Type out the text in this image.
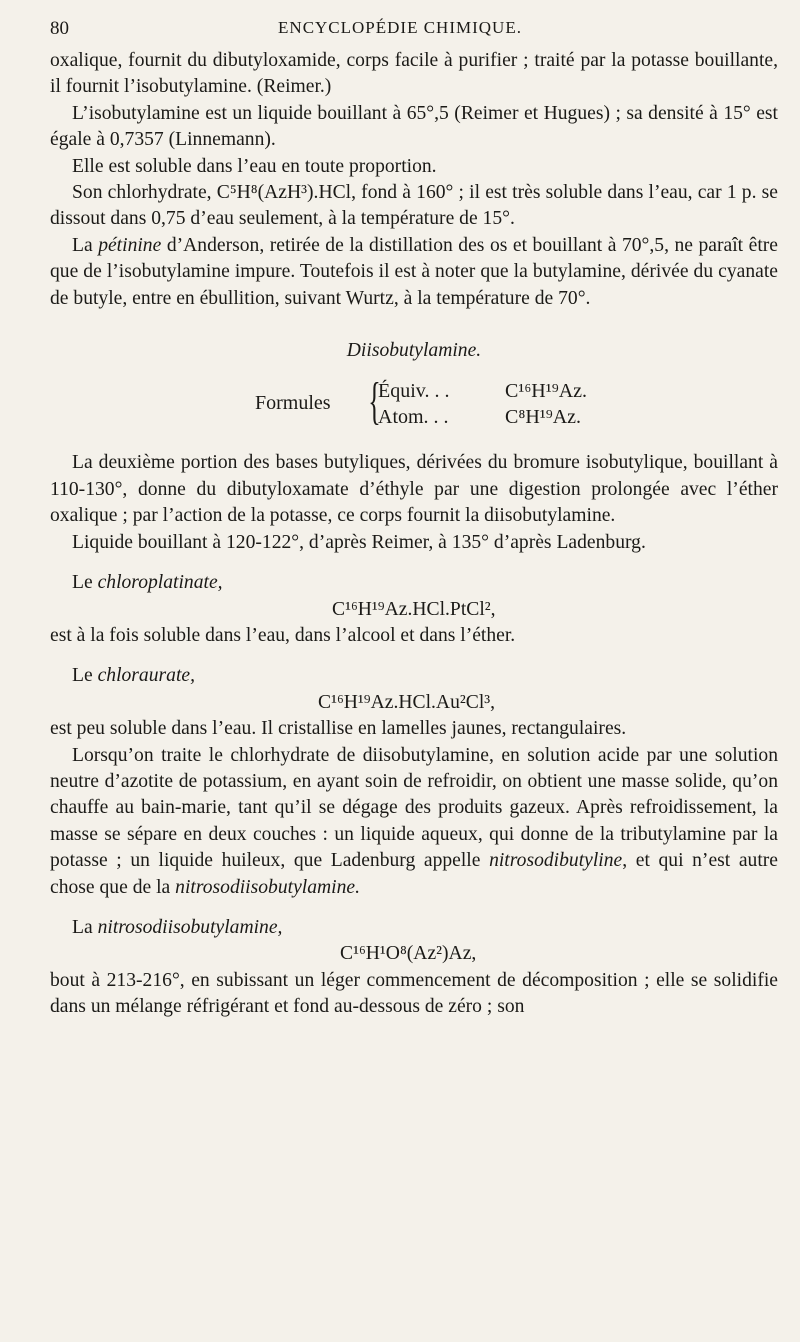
80	ENCYCLOPÉDIE CHIMIQUE.

oxalique, fournit du dibutyloxamide, corps facile à purifier ; traité par la potasse bouillante, il fournit l’isobutylamine. (Reimer.)

L’isobutylamine est un liquide bouillant à 65°,5 (Reimer et Hugues) ; sa densité à 15° est égale à 0,7357 (Linnemann).

Elle est soluble dans l’eau en toute proportion.

Son chlorhydrate, C⁵H⁸(AzH³).HCl, fond à 160° ; il est très soluble dans l’eau, car 1 p. se dissout dans 0,75 d’eau seulement, à la température de 15°.

La pétinine d’Anderson, retirée de la distillation des os et bouillant à 70°,5, ne paraît être que de l’isobutylamine impure. Toutefois il est à noter que la butylamine, dérivée du cyanate de butyle, entre en ébullition, suivant Wurtz, à la température de 70°.

Diisobutylamine.

Formules {
Équiv. . .
Atom. . .
C¹⁶H¹⁹Az.
C⁸H¹⁹Az.

La deuxième portion des bases butyliques, dérivées du bromure isobutylique, bouillant à 110-130°, donne du dibutyloxamate d’éthyle par une digestion prolongée avec l’éther oxalique ; par l’action de la potasse, ce corps fournit la diisobutylamine.

Liquide bouillant à 120-122°, d’après Reimer, à 135° d’après Ladenburg.

Le chloroplatinate,

C¹⁶H¹⁹Az.HCl.PtCl²,

est à la fois soluble dans l’eau, dans l’alcool et dans l’éther.

Le chloraurate,

C¹⁶H¹⁹Az.HCl.Au²Cl³,

est peu soluble dans l’eau. Il cristallise en lamelles jaunes, rectangulaires.

Lorsqu’on traite le chlorhydrate de diisobutylamine, en solution acide par une solution neutre d’azotite de potassium, en ayant soin de refroidir, on obtient une masse solide, qu’on chauffe au bain-marie, tant qu’il se dégage des produits gazeux. Après refroidissement, la masse se sépare en deux couches : un liquide aqueux, qui donne de la tributylamine par la potasse ; un liquide huileux, que Ladenburg appelle nitrosodibutyline, et qui n’est autre chose que de la nitrosodiisobutylamine.

La nitrosodiisobutylamine,

C¹⁶H¹O⁸(Az²)Az,

bout à 213-216°, en subissant un léger commencement de décomposition ; elle se solidifie dans un mélange réfrigérant et fond au-dessous de zéro ; son
